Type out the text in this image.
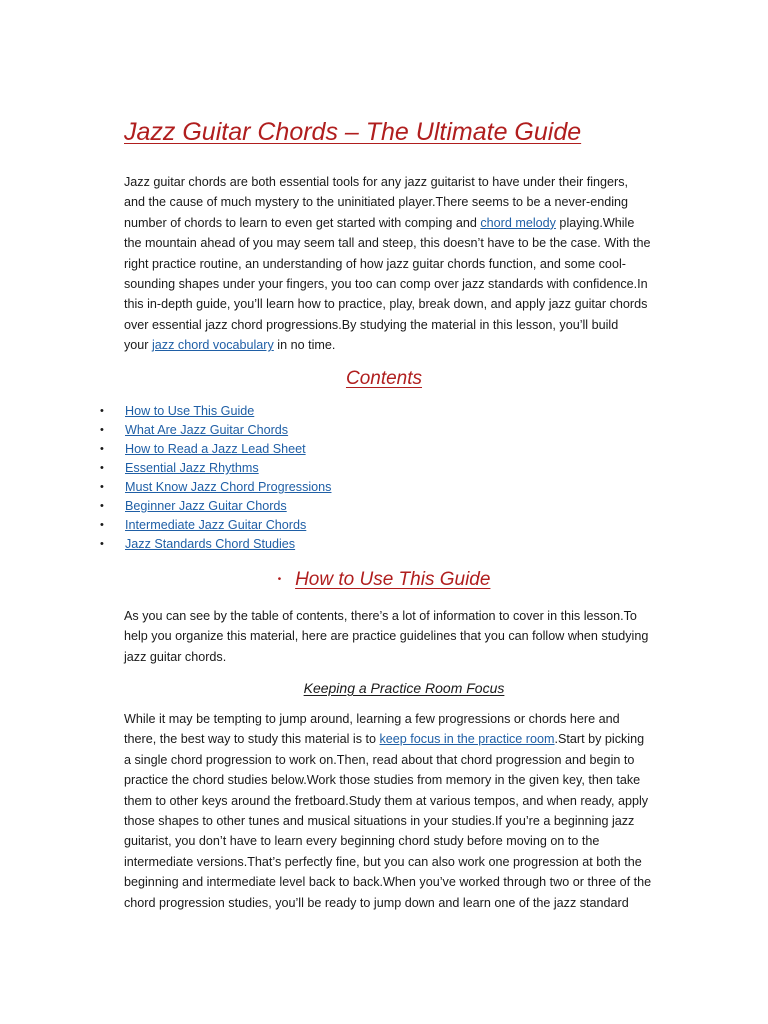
Jazz Guitar Chords – The Ultimate Guide

Jazz guitar chords are both essential tools for any jazz guitarist to have under their fingers,

and the cause of much mystery to the uninitiated player.There seems to be a never-ending

number of chords to learn to even get started with comping and chord melody playing.While

the mountain ahead of you may seem tall and steep, this doesn’t have to be the case. With the

right practice routine, an understanding of how jazz guitar chords function, and some cool-

sounding shapes under your fingers, you too can comp over jazz standards with confidence.In

this in-depth guide, you’ll learn how to practice, play, break down, and apply jazz guitar chords

over essential jazz chord progressions.By studying the material in this lesson, you’ll build

your jazz chord vocabulary in no time.

Contents
• How to Use This Guide
• What Are Jazz Guitar Chords
• How to Read a Jazz Lead Sheet
• Essential Jazz Rhythms
• Must Know Jazz Chord Progressions
• Beginner Jazz Guitar Chords
• Intermediate Jazz Guitar Chords
• Jazz Standards Chord Studies
• How to Use This Guide

As you can see by the table of contents, there’s a lot of information to cover in this lesson.To

help you organize this material, here are practice guidelines that you can follow when studying

jazz guitar chords.

Keeping a Practice Room Focus

While it may be tempting to jump around, learning a few progressions or chords here and

there, the best way to study this material is to keep focus in the practice room.Start by picking

a single chord progression to work on.Then, read about that chord progression and begin to

practice the chord studies below.Work those studies from memory in the given key, then take

them to other keys around the fretboard.Study them at various tempos, and when ready, apply

those shapes to other tunes and musical situations in your studies.If you’re a beginning jazz

guitarist, you don’t have to learn every beginning chord study before moving on to the

intermediate versions.That’s perfectly fine, but you can also work one progression at both the

beginning and intermediate level back to back.When you’ve worked through two or three of the

chord progression studies, you’ll be ready to jump down and learn one of the jazz standard
